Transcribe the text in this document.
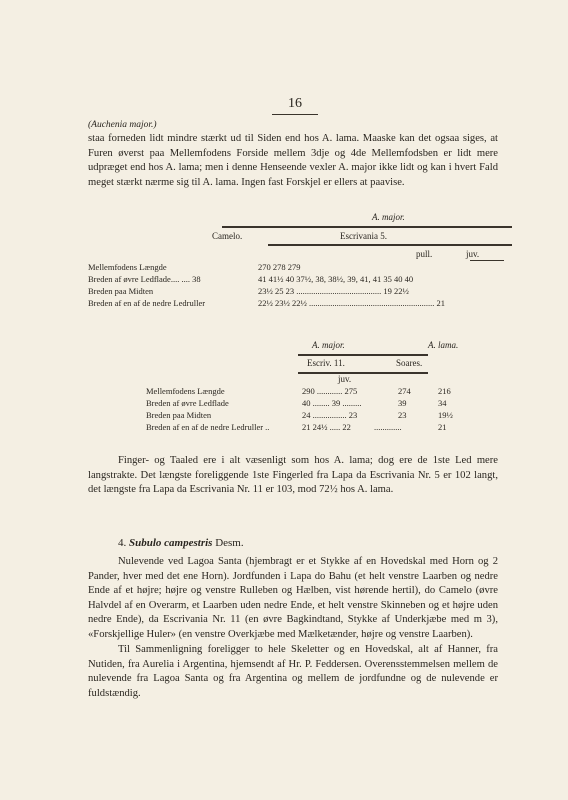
16
(Auchenia major.)

staa forneden lidt mindre stærkt ud til Siden end hos A. lama. Maaske kan det ogsaa siges, at Furen øverst paa Mellemfodens Forside mellem 3dje og 4de Mellemfodsben er lidt mere udpræget end hos A. lama; men i denne Henseende vexler A. major ikke lidt og kan i hvert Fald meget stærkt nærme sig til A. lama. Ingen fast Forskjel er ellers at paavise.

A. major.
Camelo.	Escrivania 5.
pull.	juv.
Mellemfodens Længde	270 278 279
Breden af øvre Ledflade.... .... 38	41 41½ 40 37½, 38, 38½, 39, 41, 41 35 40 40
Breden paa Midten	23½ 25 23 ........................................ 19 22½
Breden af en af de nedre Ledruller	22½ 23½ 22½ ........................................................... 21
A. major.	A. lama.
Escriv. 11.	Soares.
juv.
Mellemfodens Længde	290 ............ 275	274	216
Breden af øvre Ledflade	40 ........ 39 .........	39	34
Breden paa Midten	24 ................ 23	23	19½
Breden af en af de nedre Ledruller ..	21 24½ ..... 22	.............	21

Finger- og Taaled ere i alt væsenligt som hos A. lama; dog ere de 1ste Led mere langstrakte. Det længste foreliggende 1ste Fingerled fra Lapa da Escrivania Nr. 5 er 102 langt, det længste fra Lapa da Escrivania Nr. 11 er 103, mod 72½ hos A. lama.

4. Subulo campestris Desm.

Nulevende ved Lagoa Santa (hjembragt er et Stykke af en Hovedskal med Horn og 2 Pander, hver med det ene Horn). Jordfunden i Lapa do Bahu (et helt venstre Laarben og nedre Ende af et højre; højre og venstre Rulleben og Hælben, vist hørende hertil), do Camelo (øvre Halvdel af en Overarm, et Laarben uden nedre Ende, et helt venstre Skinneben og et højre uden nedre Ende), da Escrivania Nr. 11 (en øvre Bagkindtand, Stykke af Underkjæbe med m 3), «Forskjellige Huler» (en venstre Overkjæbe med Mælketænder, højre og venstre Laarben).

Til Sammenligning foreligger to hele Skeletter og en Hovedskal, alt af Hanner, fra Nutiden, fra Aurelia i Argentina, hjemsendt af Hr. P. Feddersen. Overensstemmelsen mellem de nulevende fra Lagoa Santa og fra Argentina og mellem de jordfundne og de nulevende er fuldstændig.
